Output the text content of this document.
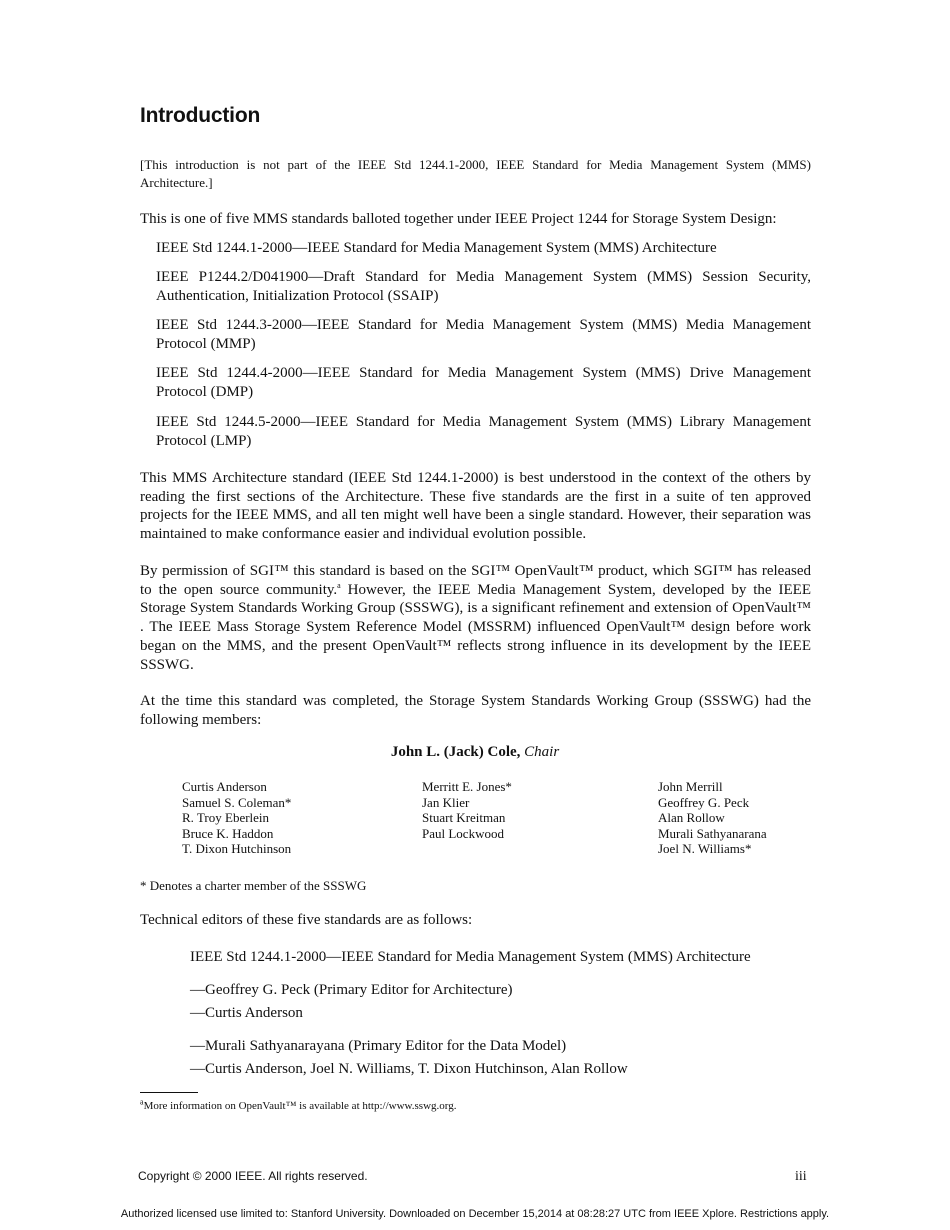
Introduction
[This introduction is not part of the IEEE Std 1244.1-2000, IEEE Standard for Media Management System (MMS) Architecture.]
This is one of five MMS standards balloted together under IEEE Project 1244 for Storage System Design:
IEEE Std 1244.1-2000—IEEE Standard for Media Management System (MMS) Architecture
IEEE P1244.2/D041900—Draft Standard for Media Management System (MMS) Session Security, Authentication, Initialization Protocol (SSAIP)
IEEE Std 1244.3-2000—IEEE Standard for Media Management System (MMS) Media Management Protocol (MMP)
IEEE Std 1244.4-2000—IEEE Standard for Media Management System (MMS) Drive Management Protocol (DMP)
IEEE Std 1244.5-2000—IEEE Standard for Media Management System (MMS) Library Management Protocol (LMP)
This MMS Architecture standard (IEEE Std 1244.1-2000) is best understood in the context of the others by reading the first sections of the Architecture. These five standards are the first in a suite of ten approved projects for the IEEE MMS, and all ten might well have been a single standard. However, their separation was maintained to make conformance easier and individual evolution possible.
By permission of SGI™ this standard is based on the SGI™ OpenVault™ product, which SGI™ has released to the open source community.$^a$ However, the IEEE Media Management System, developed by the IEEE Storage System Standards Working Group (SSSWG), is a significant refinement and extension of OpenVault™ . The IEEE Mass Storage System Reference Model (MSSRM) influenced OpenVault™ design before work began on the MMS, and the present OpenVault™ reflects strong influence in its development by the IEEE SSSWG.
At the time this standard was completed, the Storage System Standards Working Group (SSSWG) had the following members:
John L. (Jack) Cole, Chair
Curtis Anderson
Samuel S. Coleman*
R. Troy Eberlein
Bruce K. Haddon
T. Dixon Hutchinson
Merritt E. Jones*
Jan Klier
Stuart Kreitman
Paul Lockwood
John Merrill
Geoffrey G. Peck
Alan Rollow
Murali Sathyanarana
Joel N. Williams*
* Denotes a charter member of the SSSWG
Technical editors of these five standards are as follows:
IEEE Std 1244.1-2000—IEEE Standard for Media Management System (MMS) Architecture
—Geoffrey G. Peck (Primary Editor for Architecture)
—Curtis Anderson
—Murali Sathyanarayana (Primary Editor for the Data Model)
—Curtis Anderson, Joel N. Williams, T. Dixon Hutchinson, Alan Rollow
$^a$More information on OpenVault™ is available at http://www.sswg.org.
Copyright © 2000 IEEE. All rights reserved.	iii
Authorized licensed use limited to: Stanford University. Downloaded on December 15,2014 at 08:28:27 UTC from IEEE Xplore. Restrictions apply.
